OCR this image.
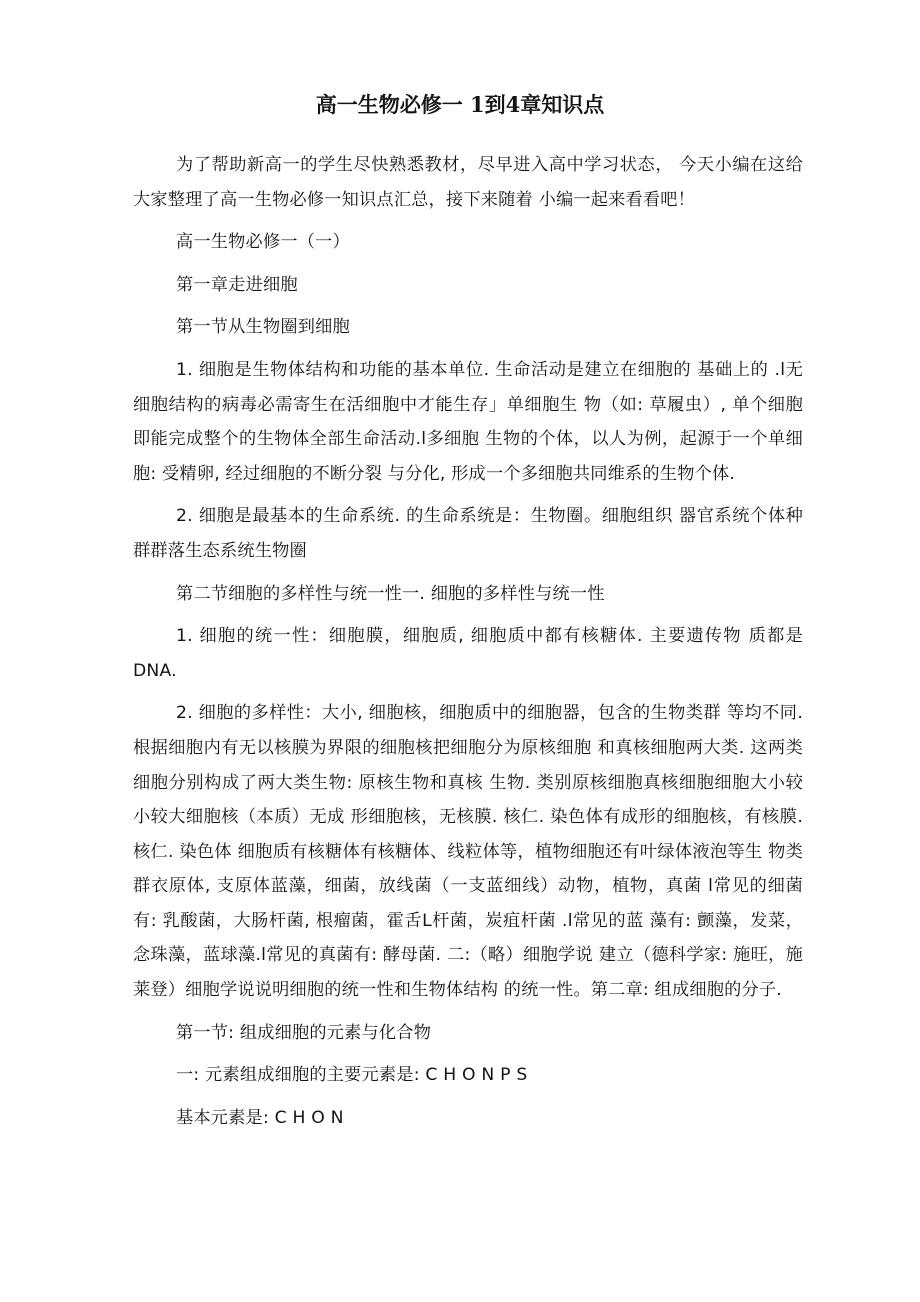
高一生物必修一 1到4章知识点

为了帮助新高一的学生尽快熟悉教材，尽早进入高中学习状态， 今天小编在这给大家整理了高一生物必修一知识点汇总，接下来随着 小编一起来看看吧！

高一生物必修一（一）

第一章走进细胞

第一节从生物圈到细胞

1. 细胞是生物体结构和功能的基本单位. 生命活动是建立在细胞的 基础上的 .l无细胞结构的病毒必需寄生在活细胞中才能生存」单细胞生 物（如: 草履虫）, 单个细胞即能完成整个的生物体全部生命活动.l多细胞 生物的个体，以人为例，起源于一个单细胞: 受精卵, 经过细胞的不断分裂 与分化, 形成一个多细胞共同维系的生物个体.

2. 细胞是最基本的生命系统. 的生命系统是：生物圈。细胞组织 器官系统个体种群群落生态系统生物圈

第二节细胞的多样性与统一性一. 细胞的多样性与统一性

1. 细胞的统一性：细胞膜，细胞质, 细胞质中都有核糖体. 主要遗传物 质都是DNA.

2. 细胞的多样性：大小, 细胞核，细胞质中的细胞器，包含的生物类群 等均不同. 根据细胞内有无以核膜为界限的细胞核把细胞分为原核细胞 和真核细胞两大类. 这两类细胞分别构成了两大类生物: 原核生物和真核 生物. 类别原核细胞真核细胞细胞大小较小较大细胞核（本质）无成 形细胞核，无核膜. 核仁. 染色体有成形的细胞核，有核膜. 核仁. 染色体 细胞质有核糖体有核糖体、线粒体等，植物细胞还有叶绿体液泡等生 物类群衣原体, 支原体蓝藻，细菌，放线菌（一支蓝细线）动物，植物，真菌 l常见的细菌有: 乳酸菌，大肠杆菌, 根瘤菌，霍舌L杆菌，炭疽杆菌 .l常见的蓝 藻有: 颤藻，发菜，念珠藻，蓝球藻.l常见的真菌有: 酵母菌. 二:（略）细胞学说 建立（德科学家: 施旺，施莱登）细胞学说说明细胞的统一性和生物体结构 的统一性。第二章: 组成细胞的分子.

第一节: 组成细胞的元素与化合物

一: 元素组成细胞的主要元素是: C H O N P S

基本元素是: C H O N
